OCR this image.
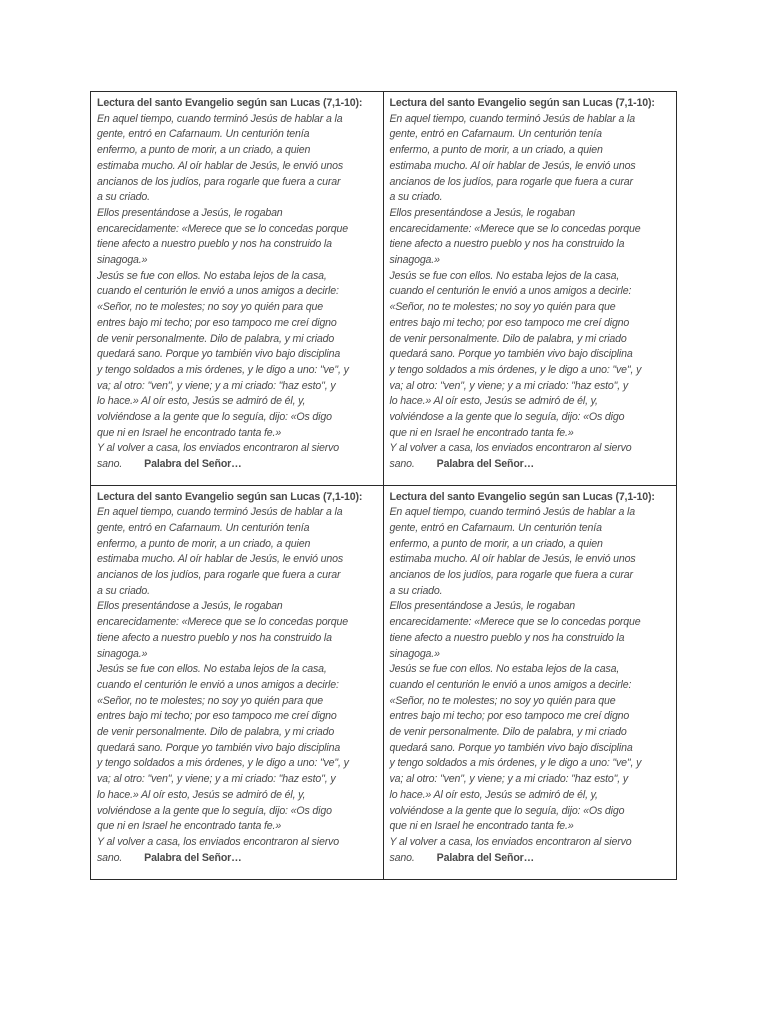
Lectura del santo Evangelio según san Lucas (7,1-10):
En aquel tiempo, cuando terminó Jesús de hablar a la
gente, entró en Cafarnaum. Un centurión tenía
enfermo, a punto de morir, a un criado, a quien
estimaba mucho. Al oír hablar de Jesús, le envió unos
ancianos de los judíos, para rogarle que fuera a curar
a su criado.
Ellos presentándose a Jesús, le rogaban
encarecidamente: «Merece que se lo concedas porque
tiene afecto a nuestro pueblo y nos ha construido la
sinagoga.»
Jesús se fue con ellos. No estaba lejos de la casa,
cuando el centurión le envió a unos amigos a decirle:
«Señor, no te molestes; no soy yo quién para que
entres bajo mi techo; por eso tampoco me creí digno
de venir personalmente. Dilo de palabra, y mi criado
quedará sano. Porque yo también vivo bajo disciplina
y tengo soldados a mis órdenes, y le digo a uno: "ve", y
va; al otro: "ven", y viene; y a mi criado: "haz esto", y
lo hace.» Al oír esto, Jesús se admiró de él, y,
volviéndose a la gente que lo seguía, dijo: «Os digo
que ni en Israel he encontrado tanta fe.»
Y al volver a casa, los enviados encontraron al siervo
sano. Palabra del Señor…
Lectura del santo Evangelio según san Lucas (7,1-10):
En aquel tiempo, cuando terminó Jesús de hablar a la
gente, entró en Cafarnaum. Un centurión tenía
enfermo, a punto de morir, a un criado, a quien
estimaba mucho. Al oír hablar de Jesús, le envió unos
ancianos de los judíos, para rogarle que fuera a curar
a su criado.
Ellos presentándose a Jesús, le rogaban
encarecidamente: «Merece que se lo concedas porque
tiene afecto a nuestro pueblo y nos ha construido la
sinagoga.»
Jesús se fue con ellos. No estaba lejos de la casa,
cuando el centurión le envió a unos amigos a decirle:
«Señor, no te molestes; no soy yo quién para que
entres bajo mi techo; por eso tampoco me creí digno
de venir personalmente. Dilo de palabra, y mi criado
quedará sano. Porque yo también vivo bajo disciplina
y tengo soldados a mis órdenes, y le digo a uno: "ve", y
va; al otro: "ven", y viene; y a mi criado: "haz esto", y
lo hace.» Al oír esto, Jesús se admiró de él, y,
volviéndose a la gente que lo seguía, dijo: «Os digo
que ni en Israel he encontrado tanta fe.»
Y al volver a casa, los enviados encontraron al siervo
sano. Palabra del Señor…
Lectura del santo Evangelio según san Lucas (7,1-10):
En aquel tiempo, cuando terminó Jesús de hablar a la
gente, entró en Cafarnaum. Un centurión tenía
enfermo, a punto de morir, a un criado, a quien
estimaba mucho. Al oír hablar de Jesús, le envió unos
ancianos de los judíos, para rogarle que fuera a curar
a su criado.
Ellos presentándose a Jesús, le rogaban
encarecidamente: «Merece que se lo concedas porque
tiene afecto a nuestro pueblo y nos ha construido la
sinagoga.»
Jesús se fue con ellos. No estaba lejos de la casa,
cuando el centurión le envió a unos amigos a decirle:
«Señor, no te molestes; no soy yo quién para que
entres bajo mi techo; por eso tampoco me creí digno
de venir personalmente. Dilo de palabra, y mi criado
quedará sano. Porque yo también vivo bajo disciplina
y tengo soldados a mis órdenes, y le digo a uno: "ve", y
va; al otro: "ven", y viene; y a mi criado: "haz esto", y
lo hace.» Al oír esto, Jesús se admiró de él, y,
volviéndose a la gente que lo seguía, dijo: «Os digo
que ni en Israel he encontrado tanta fe.»
Y al volver a casa, los enviados encontraron al siervo
sano. Palabra del Señor…
Lectura del santo Evangelio según san Lucas (7,1-10):
En aquel tiempo, cuando terminó Jesús de hablar a la
gente, entró en Cafarnaum. Un centurión tenía
enfermo, a punto de morir, a un criado, a quien
estimaba mucho. Al oír hablar de Jesús, le envió unos
ancianos de los judíos, para rogarle que fuera a curar
a su criado.
Ellos presentándose a Jesús, le rogaban
encarecidamente: «Merece que se lo concedas porque
tiene afecto a nuestro pueblo y nos ha construido la
sinagoga.»
Jesús se fue con ellos. No estaba lejos de la casa,
cuando el centurión le envió a unos amigos a decirle:
«Señor, no te molestes; no soy yo quién para que
entres bajo mi techo; por eso tampoco me creí digno
de venir personalmente. Dilo de palabra, y mi criado
quedará sano. Porque yo también vivo bajo disciplina
y tengo soldados a mis órdenes, y le digo a uno: "ve", y
va; al otro: "ven", y viene; y a mi criado: "haz esto", y
lo hace.» Al oír esto, Jesús se admiró de él, y,
volviéndose a la gente que lo seguía, dijo: «Os digo
que ni en Israel he encontrado tanta fe.»
Y al volver a casa, los enviados encontraron al siervo
sano. Palabra del Señor…
